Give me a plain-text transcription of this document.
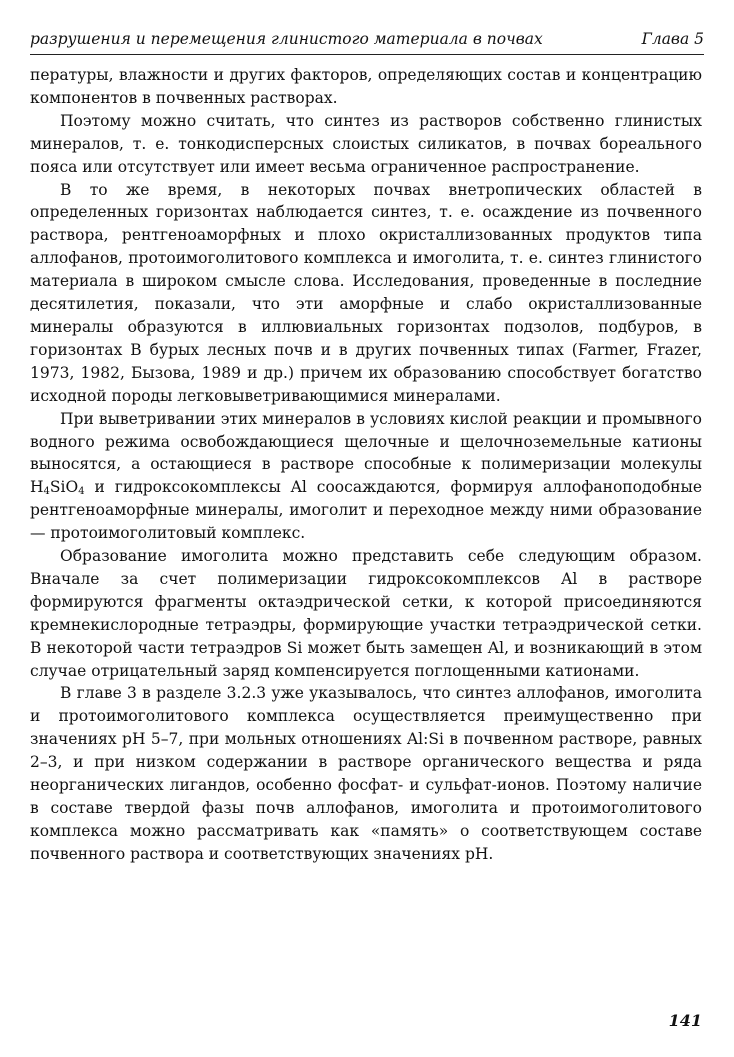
разрушения и перемещения глинистого материала в почвах	Глава 5

пературы, влажности и других факторов, определяющих состав и концентрацию компонентов в почвенных растворах.

Поэтому можно считать, что синтез из растворов собственно глинистых минералов, т. е. тонкодисперсных слоистых силикатов, в почвах бореального пояса или отсутствует или имеет весьма ограниченное распространение.

В то же время, в некоторых почвах внетропических областей в определенных горизонтах наблюдается синтез, т. е. осаждение из почвенного раствора, рентгеноаморфных и плохо окристаллизованных продуктов типа аллофанов, протоимоголитового комплекса и имоголита, т. е. синтез глинистого материала в широком смысле слова. Исследования, проведенные в последние десятилетия, показали, что эти аморфные и слабо окристаллизованные минералы образуются в иллювиальных горизонтах подзолов, подбуров, в горизонтах В бурых лесных почв и в других почвенных типах (Farmer, Frazer, 1973, 1982, Бызова, 1989 и др.) причем их образованию способствует богатство исходной породы легковыветривающимися минералами.

При выветривании этих минералов в условиях кислой реакции и промывного водного режима освобождающиеся щелочные и щелочноземельные катионы выносятся, а остающиеся в растворе способные к полимеризации молекулы $H_4SiO_4$ и гидроксокомплексы Al соосаждаются, формируя аллофаноподобные рентгеноаморфные минералы, имоголит и переходное между ними образование — протоимоголитовый комплекс.

Образование имоголита можно представить себе следующим образом. Вначале за счет полимеризации гидроксокомплексов Al в растворе формируются фрагменты октаэдрической сетки, к которой присоединяются кремнекислородные тетраэдры, формирующие участки тетраэдрической сетки. В некоторой части тетраэдров Si может быть замещен Al, и возникающий в этом случае отрицательный заряд компенсируется поглощенными катионами.

В главе 3 в разделе 3.2.3 уже указывалось, что синтез аллофанов, имоголита и протоимоголитового комплекса осуществляется преимущественно при значениях pH 5–7, при мольных отношениях Al:Si в почвенном растворе, равных 2–3, и при низком содержании в растворе органического вещества и ряда неорганических лигандов, особенно фосфат- и сульфат-ионов. Поэтому наличие в составе твердой фазы почв аллофанов, имоголита и протоимоголитового комплекса можно рассматривать как «память» о соответствующем составе почвенного раствора и соответствующих значениях pH.

141
